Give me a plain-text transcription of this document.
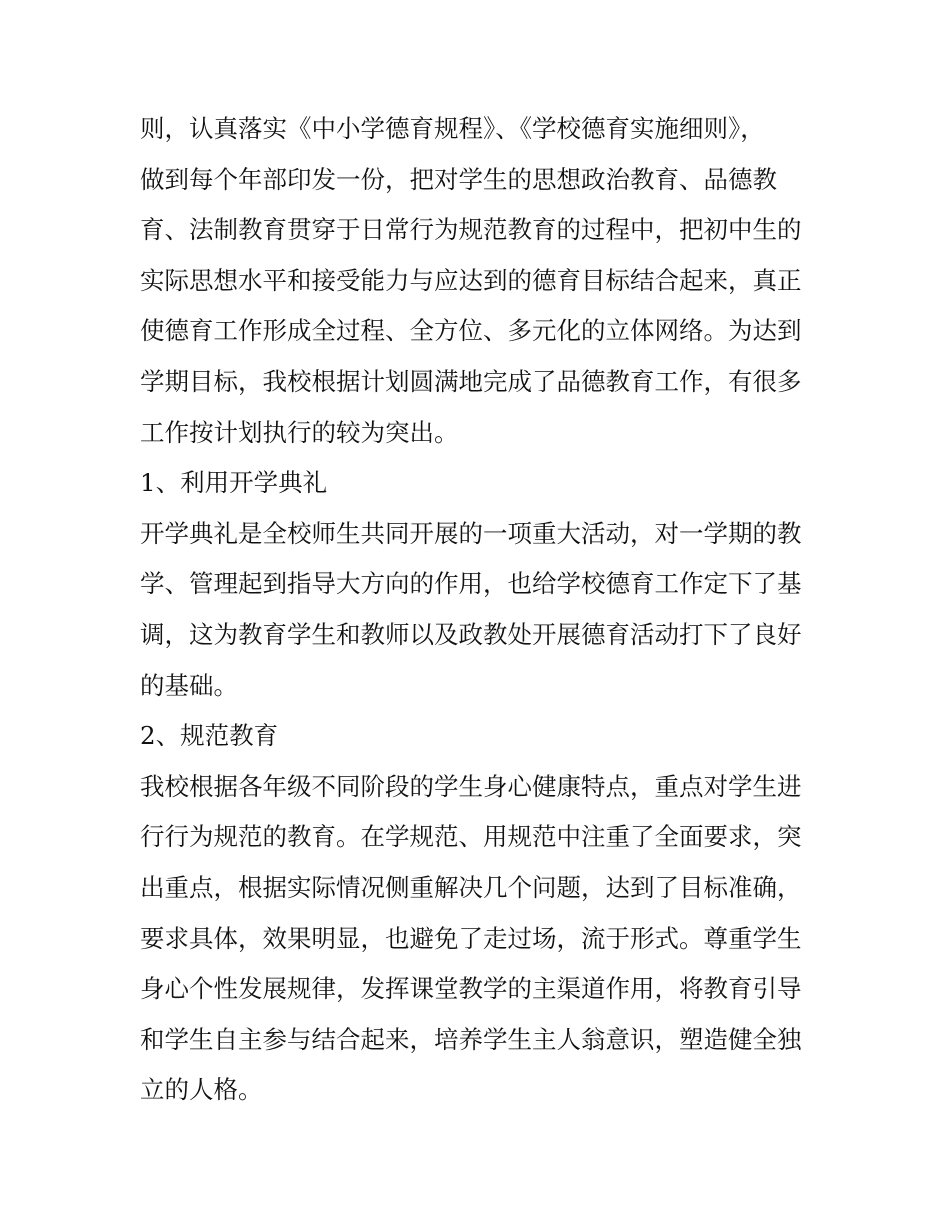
则，认真落实《中小学德育规程》、《学校德育实施细则》，
做到每个年部印发一份，把对学生的思想政治教育、品德教
育、法制教育贯穿于日常行为规范教育的过程中，把初中生的
实际思想水平和接受能力与应达到的德育目标结合起来，真正
使德育工作形成全过程、全方位、多元化的立体网络。为达到
学期目标，我校根据计划圆满地完成了品德教育工作，有很多
工作按计划执行的较为突出。
1、利用开学典礼
开学典礼是全校师生共同开展的一项重大活动，对一学期的教
学、管理起到指导大方向的作用，也给学校德育工作定下了基
调，这为教育学生和教师以及政教处开展德育活动打下了良好
的基础。
2、规范教育
我校根据各年级不同阶段的学生身心健康特点，重点对学生进
行行为规范的教育。在学规范、用规范中注重了全面要求，突
出重点，根据实际情况侧重解决几个问题，达到了目标准确，
要求具体，效果明显，也避免了走过场，流于形式。尊重学生
身心个性发展规律，发挥课堂教学的主渠道作用，将教育引导
和学生自主参与结合起来，培养学生主人翁意识，塑造健全独
立的人格。
